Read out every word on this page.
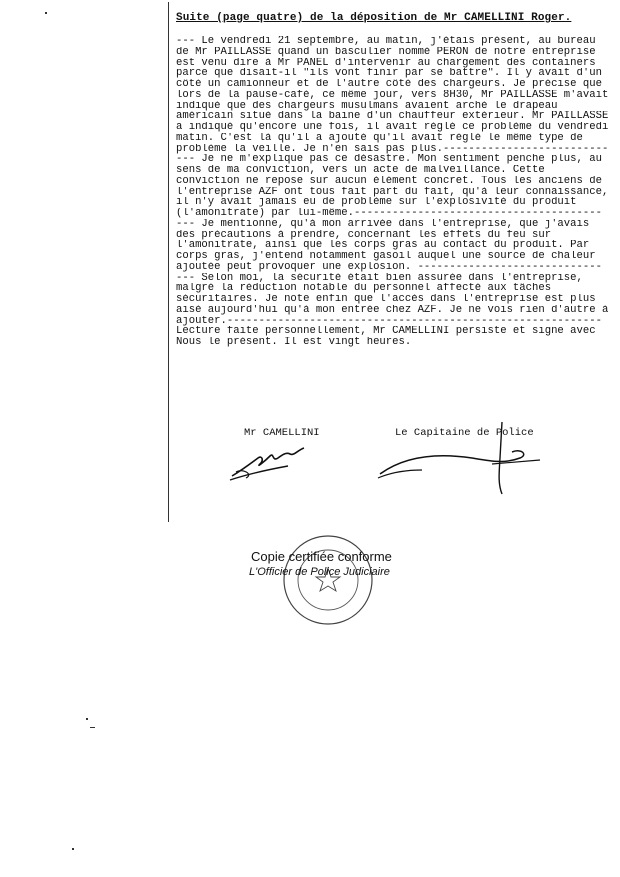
Suite (page quatre) de la déposition de Mr CAMELLINI Roger.
--- Le vendredi 21 septembre, au matin, j'étais présent, au bureau
de Mr PAILLASSE quand un basculier nommé PERON de notre entreprise
est venu dire à Mr PANEL d'intervenir au chargement des containers
parce que disait-il "ils vont finir par se battre". Il y avait d'un
côté un camionneur et de l'autre côté des chargeurs. Je précise que
lors de la pause-café, ce même jour, vers 8H30, Mr PAILLASSE m'avait
indiqué que des chargeurs musulmans avaient arché le drapeau
américain situé dans la baine d'un chauffeur extérieur. Mr PAILLASSE
a indiqué qu'encore une fois, il avait réglé ce problème du vendredi
matin. C'est là qu'il a ajouté qu'il avait réglé le même type de
problème la veille. Je n'en sais pas plus.--------------------------
--- Je ne m'explique pas ce désastre. Mon sentiment penche plus, au
sens de ma conviction, vers un acte de malveillance. Cette
conviction ne repose sur aucun élément concret. Tous les anciens de
l'entreprise AZF ont tous fait part du fait, qu'à leur connaissance,
il n'y avait jamais eu de problème sur l'explosivité du produit
(l'amonitrate) par lui-même.---------------------------------------
--- Je mentionne, qu'à mon arrivée dans l'entreprise, que j'avais
des précautions à prendre, concernant les effets du feu sur
l'amonitrate, ainsi que les corps gras au contact du produit. Par
corps gras, j'entend notamment gasoil auquel une source de chaleur
ajoutée peut provoquer une explosion. -----------------------------
--- Selon moi, la sécurité était bien assurée dans l'entreprise,
malgré la réduction notable du personnel affecté aux tâches
sécuritaires. Je note enfin que l'accès dans l'entreprise est plus
aisé aujourd'hui qu'à mon entrée chez AZF. Je ne vois rien d'autre à
ajouter.-----------------------------------------------------------
Lecture faite personnellement, Mr CAMELLINI persiste et signe avec
Nous le présent. Il est vingt heures.
Mr CAMELLINI	Le Capitaine de Police
Copie certifiée conforme
L'Officier de Police Judiciaire
